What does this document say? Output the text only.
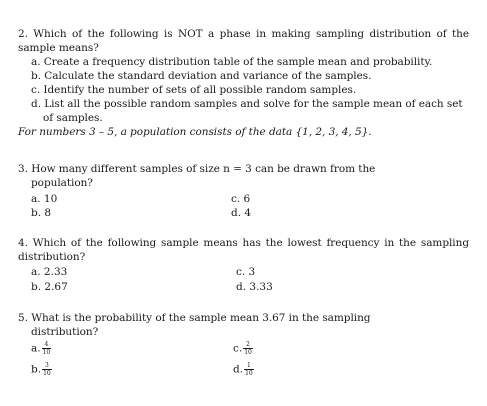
2. Which of the following is NOT a phase in making sampling distribution of the
sample means?
a. Create a frequency distribution table of the sample mean and probability.
b. Calculate the standard deviation and variance of the samples.
c. Identify the number of sets of all possible random samples.
d. List all the possible random samples and solve for the sample mean of each set
of samples.
For numbers 3 – 5, a population consists of the data {1, 2, 3, 4, 5}.
3. How many different samples of size n = 3 can be drawn from the
population?
a. 10
b. 8
c. 6
d. 4
4. Which of the following sample means has the lowest frequency in the sampling
distribution?
a. 2.33
b. 2.67
c. 3
d. 3.33
5. What is the probability of the sample mean 3.67 in the sampling
distribution?
a. $\frac{4}{10}$
b. $\frac{3}{10}$
c. $\frac{2}{10}$
d. $\frac{1}{10}$
